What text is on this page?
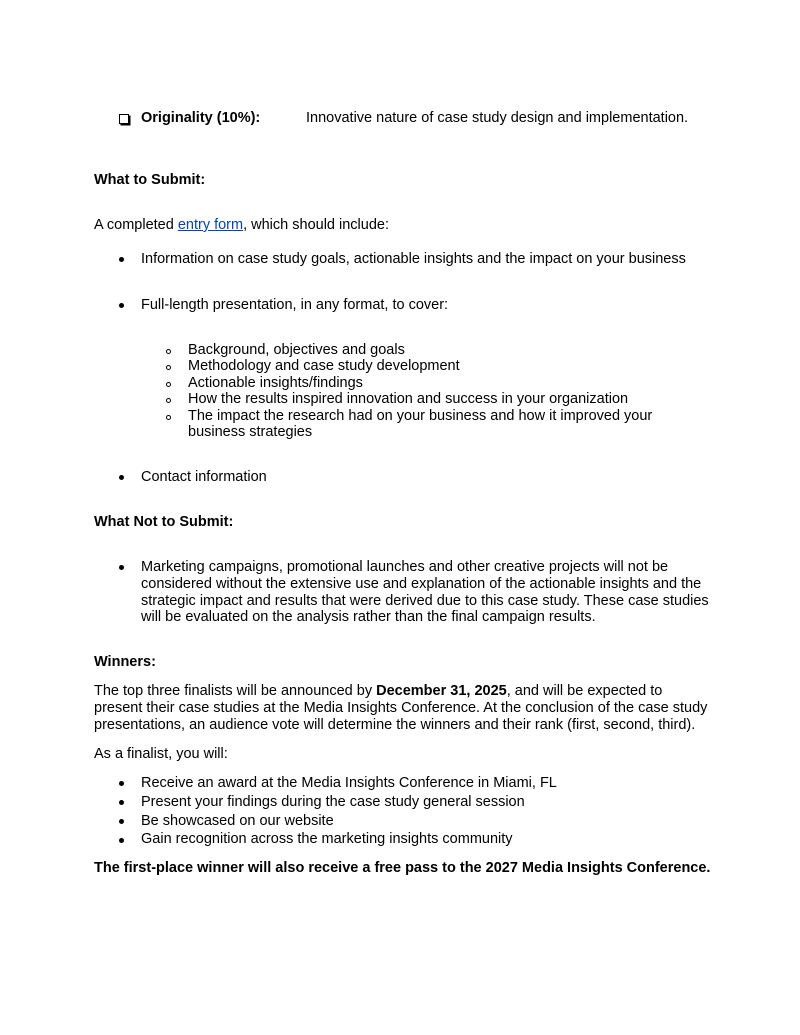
Originality (10%):	Innovative nature of case study design and implementation.
What to Submit:
A completed entry form, which should include:
Information on case study goals, actionable insights and the impact on your business
Full-length presentation, in any format, to cover:
Background, objectives and goals
Methodology and case study development
Actionable insights/findings
How the results inspired innovation and success in your organization
The impact the research had on your business and how it improved your
business strategies
Contact information
What Not to Submit:
Marketing campaigns, promotional launches and other creative projects will not be
considered without the extensive use and explanation of the actionable insights and the
strategic impact and results that were derived due to this case study. These case studies
will be evaluated on the analysis rather than the final campaign results.
Winners:
The top three finalists will be announced by December 31, 2025, and will be expected to
present their case studies at the Media Insights Conference. At the conclusion of the case study
presentations, an audience vote will determine the winners and their rank (first, second, third).
As a finalist, you will:
Receive an award at the Media Insights Conference in Miami, FL
Present your findings during the case study general session
Be showcased on our website
Gain recognition across the marketing insights community
The first-place winner will also receive a free pass to the 2027 Media Insights Conference.
